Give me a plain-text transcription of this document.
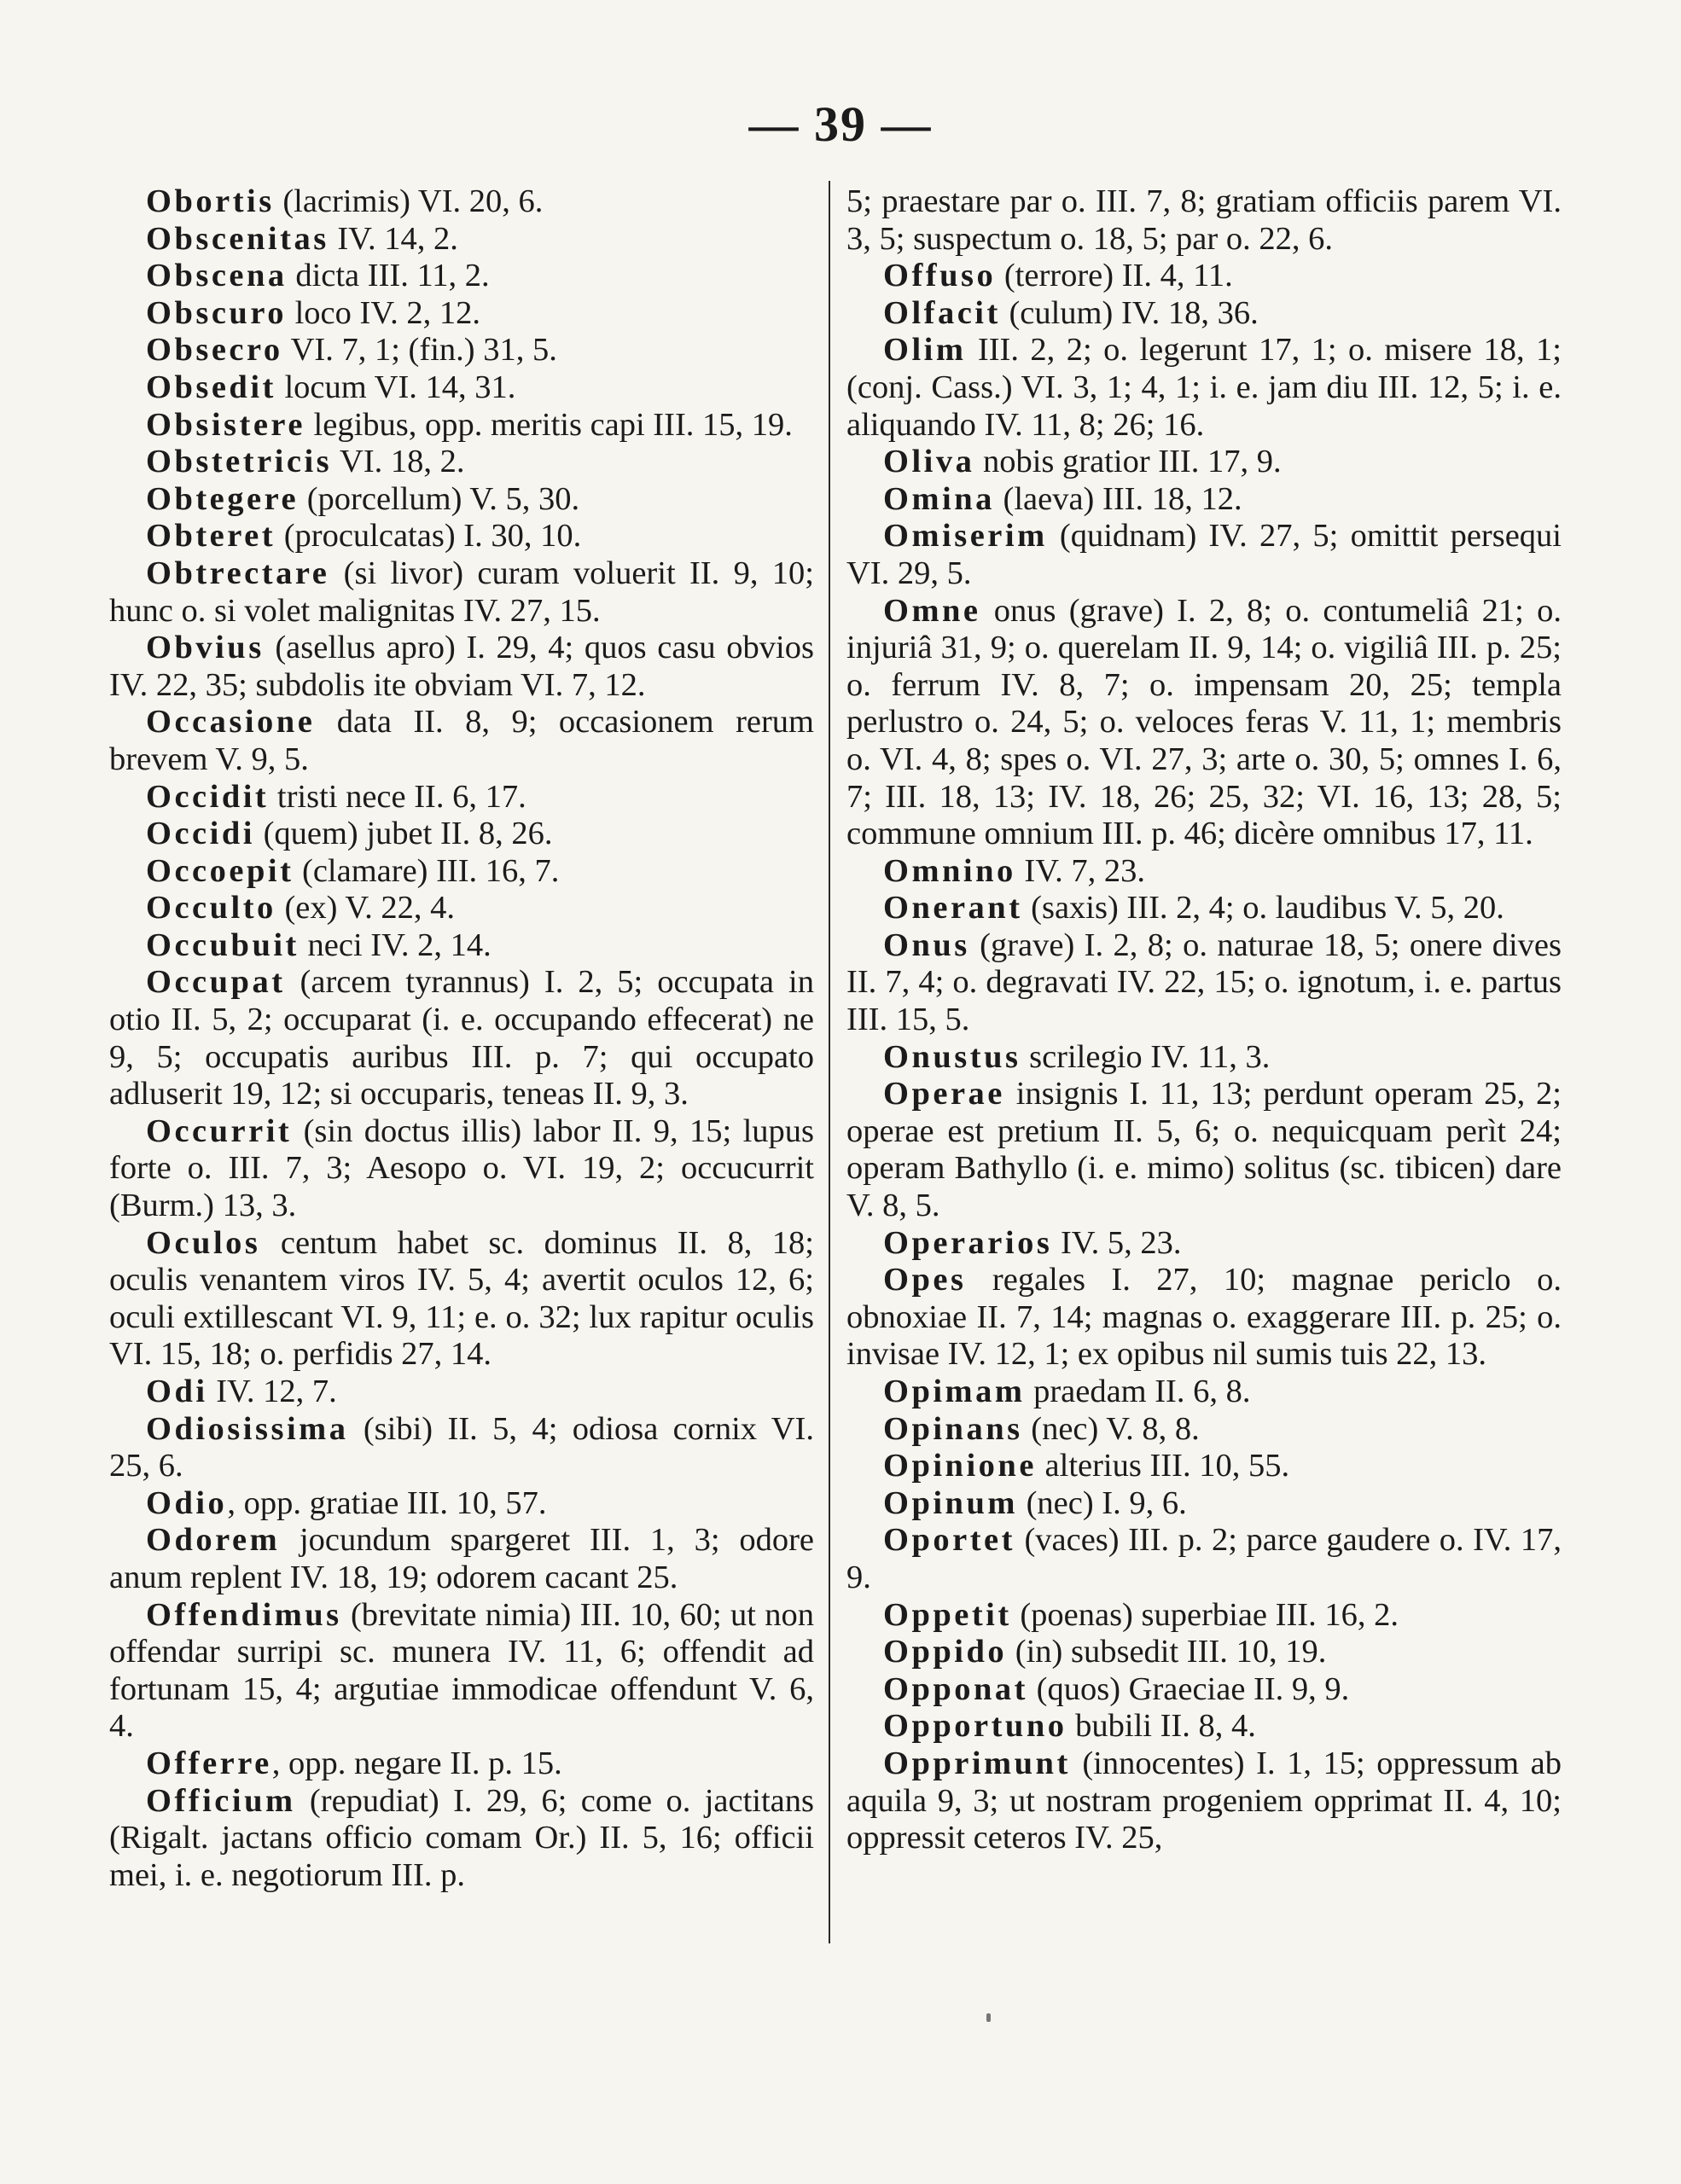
— 39 —

Obortis (lacrimis) VI. 20, 6.

Obscenitas IV. 14, 2.

Obscena dicta III. 11, 2.

Obscuro loco IV. 2, 12.

Obsecro VI. 7, 1; (fin.) 31, 5.

Obsedit locum VI. 14, 31.

Obsistere legibus, opp. meritis capi III. 15, 19.

Obstetricis VI. 18, 2.

Obtegere (porcellum) V. 5, 30.

Obteret (proculcatas) I. 30, 10.

Obtrectare (si livor) curam voluerit II. 9, 10; hunc o. si volet malignitas IV. 27, 15.

Obvius (asellus apro) I. 29, 4; quos casu obvios IV. 22, 35; subdolis ite obviam VI. 7, 12.

Occasione data II. 8, 9; occasionem rerum brevem V. 9, 5.

Occidit tristi nece II. 6, 17.

Occidi (quem) jubet II. 8, 26.

Occoepit (clamare) III. 16, 7.

Occulto (ex) V. 22, 4.

Occubuit neci IV. 2, 14.

Occupat (arcem tyrannus) I. 2, 5; occupata in otio II. 5, 2; occuparat (i. e. occupando effecerat) ne 9, 5; occupatis auribus III. p. 7; qui occupato adluserit 19, 12; si occuparis, teneas II. 9, 3.

Occurrit (sin doctus illis) labor II. 9, 15; lupus forte o. III. 7, 3; Aesopo o. VI. 19, 2; occucurrit (Burm.) 13, 3.

Oculos centum habet sc. dominus II. 8, 18; oculis venantem viros IV. 5, 4; avertit oculos 12, 6; oculi extillescant VI. 9, 11; e. o. 32; lux rapitur oculis VI. 15, 18; o. perfidis 27, 14.

Odi IV. 12, 7.

Odiosissima (sibi) II. 5, 4; odiosa cornix VI. 25, 6.

Odio, opp. gratiae III. 10, 57.

Odorem jocundum spargeret III. 1, 3; odore anum replent IV. 18, 19; odorem cacant 25.

Offendimus (brevitate nimia) III. 10, 60; ut non offendar surripi sc. munera IV. 11, 6; offendit ad fortunam 15, 4; argutiae immodicae offendunt V. 6, 4.

Offerre, opp. negare II. p. 15.

Officium (repudiat) I. 29, 6; come o. jactitans (Rigalt. jactans officio comam Or.) II. 5, 16; officii mei, i. e. negotiorum III. p.

5; praestare par o. III. 7, 8; gratiam officiis parem VI. 3, 5; suspectum o. 18, 5; par o. 22, 6.

Offuso (terrore) II. 4, 11.

Olfacit (culum) IV. 18, 36.

Olim III. 2, 2; o. legerunt 17, 1; o. misere 18, 1; (conj. Cass.) VI. 3, 1; 4, 1; i. e. jam diu III. 12, 5; i. e. aliquando IV. 11, 8; 26; 16.

Oliva nobis gratior III. 17, 9.

Omina (laeva) III. 18, 12.

Omiserim (quidnam) IV. 27, 5; omittit persequi VI. 29, 5.

Omne onus (grave) I. 2, 8; o. contumeliâ 21; o. injuriâ 31, 9; o. querelam II. 9, 14; o. vigiliâ III. p. 25; o. ferrum IV. 8, 7; o. impensam 20, 25; templa perlustro o. 24, 5; o. veloces feras V. 11, 1; membris o. VI. 4, 8; spes o. VI. 27, 3; arte o. 30, 5; omnes I. 6, 7; III. 18, 13; IV. 18, 26; 25, 32; VI. 16, 13; 28, 5; commune omnium III. p. 46; dicère omnibus 17, 11.

Omnino IV. 7, 23.

Onerant (saxis) III. 2, 4; o. laudibus V. 5, 20.

Onus (grave) I. 2, 8; o. naturae 18, 5; onere dives II. 7, 4; o. degravati IV. 22, 15; o. ignotum, i. e. partus III. 15, 5.

Onustus scrilegio IV. 11, 3.

Operae insignis I. 11, 13; perdunt operam 25, 2; operae est pretium II. 5, 6; o. nequicquam perìt 24; operam Bathyllo (i. e. mimo) solitus (sc. tibicen) dare V. 8, 5.

Operarios IV. 5, 23.

Opes regales I. 27, 10; magnae periclo o. obnoxiae II. 7, 14; magnas o. exaggerare III. p. 25; o. invisae IV. 12, 1; ex opibus nil sumis tuis 22, 13.

Opimam praedam II. 6, 8.

Opinans (nec) V. 8, 8.

Opinione alterius III. 10, 55.

Opinum (nec) I. 9, 6.

Oportet (vaces) III. p. 2; parce gaudere o. IV. 17, 9.

Oppetit (poenas) superbiae III. 16, 2.

Oppido (in) subsedit III. 10, 19.

Opponat (quos) Graeciae II. 9, 9.

Opportuno bubili II. 8, 4.

Opprimunt (innocentes) I. 1, 15; oppressum ab aquila 9, 3; ut nostram progeniem opprimat II. 4, 10; oppressit ceteros IV. 25,
